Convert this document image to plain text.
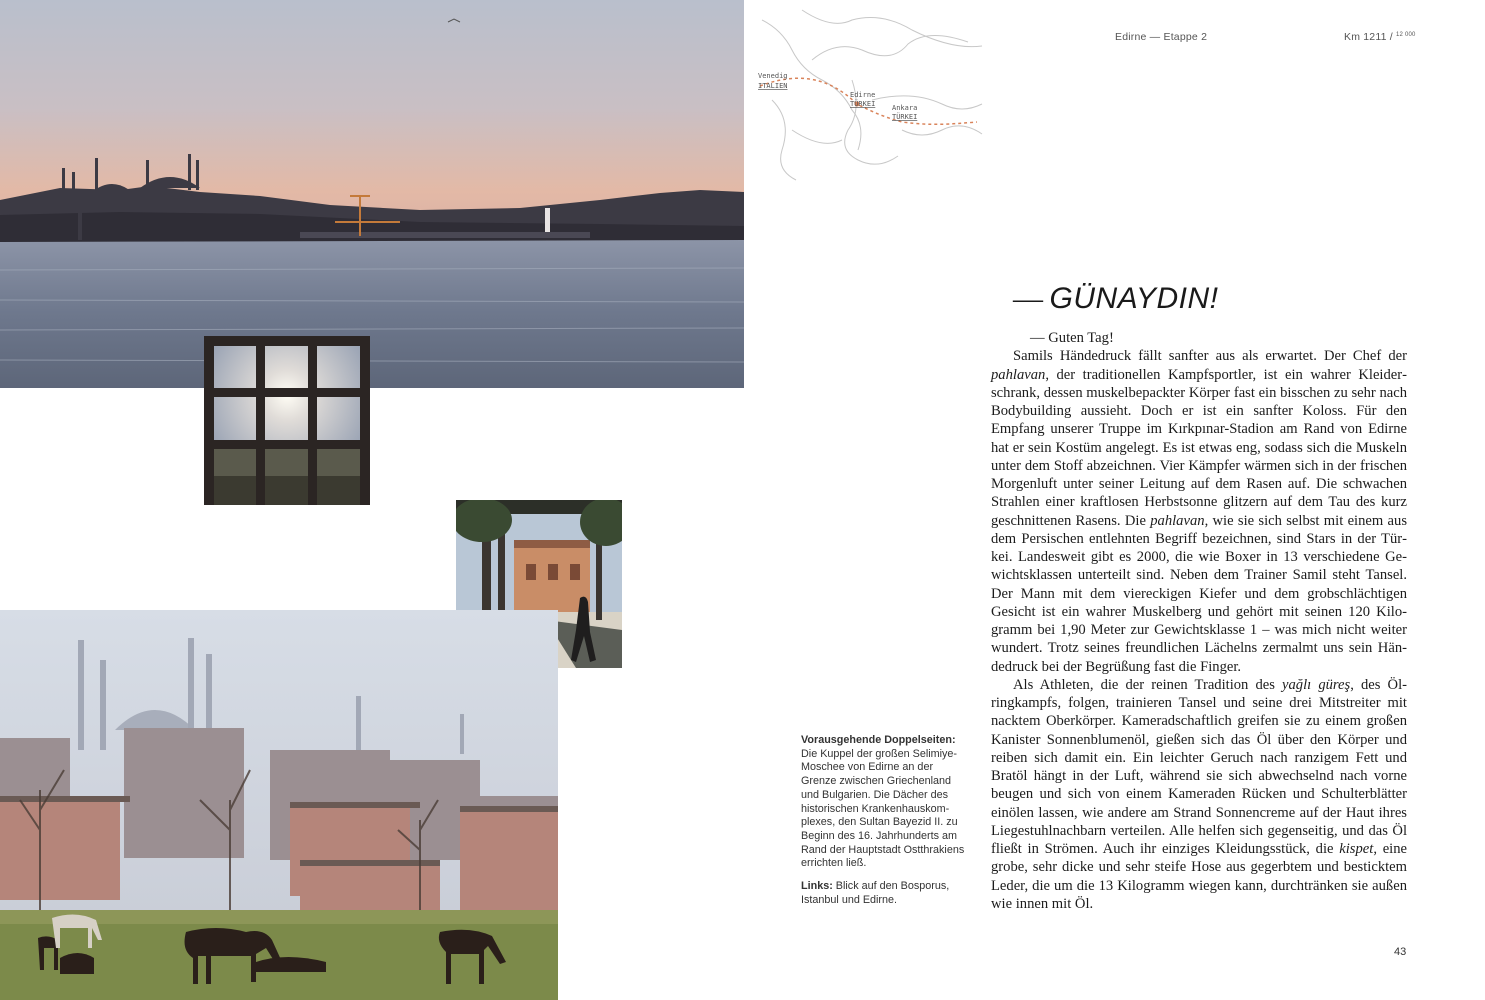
Venedig
ITALIEN
Edirne
TÜRKEI Ankara
TÜRKEI
Edirne — Etappe 2	Km 1211 / $^{12 000}$
— GÜNAYDIN!

— Guten Tag!

Samils Händedruck fällt sanfter aus als erwartet. Der Chef der pahlavan, der traditionellen Kampfsportler, ist ein wahrer Kleiderschrank, dessen muskelbepackter Körper fast ein bisschen zu sehr nach Bodybuilding aussieht. Doch er ist ein sanfter Koloss. Für den Empfang unserer Truppe im Kırkpınar-Stadion am Rand von Edirne hat er sein Kostüm angelegt. Es ist etwas eng, sodass sich die Muskeln unter dem Stoff abzeichnen. Vier Kämpfer wärmen sich in der frischen Morgenluft unter seiner Leitung auf dem Rasen auf. Die schwachen Strahlen einer kraftlosen Herbstsonne glitzern auf dem Tau des kurz geschnittenen Rasens. Die pahlavan, wie sie sich selbst mit einem aus dem Persischen entlehnten Begriff bezeichnen, sind Stars in der Türkei. Landesweit gibt es 2000, die wie Boxer in 13 verschiedene Gewichtsklassen unterteilt sind. Neben dem Trainer Samil steht Tansel. Der Mann mit dem viereckigen Kiefer und dem grobschlächtigen Gesicht ist ein wahrer Muskelberg und gehört mit seinen 120 Kilogramm bei 1,90 Meter zur Gewichtsklasse 1 – was mich nicht weiter wundert. Trotz seines freundlichen Lächelns zermalmt uns sein Händedruck bei der Begrüßung fast die Finger.

Als Athleten, die der reinen Tradition des yağlı güreş, des Ölringkampfs, folgen, trainieren Tansel und seine drei Mitstreiter mit nacktem Oberkörper. Kameradschaftlich greifen sie zu einem großen Kanister Sonnenblumenöl, gießen sich das Öl über den Körper und reiben sich damit ein. Ein leichter Geruch nach ranzigem Fett und Bratöl hängt in der Luft, während sie sich abwechselnd nach vorne beugen und sich von einem Kameraden Rücken und Schulterblätter einölen lassen, wie andere am Strand Sonnencreme auf der Haut ihres Liegestuhlnachbarn verteilen. Alle helfen sich gegenseitig, und das Öl fließt in Strömen. Auch ihr einziges Kleidungsstück, die kispet, eine grobe, sehr dicke und sehr steife Hose aus gegerbtem und besticktem Leder, die um die 13 Kilogramm wiegen kann, durchtränken sie außen wie innen mit Öl.

Vorausgehende Doppelseiten: Die Kuppel der großen Selimiye-Moschee von Edirne an der Grenze zwischen Griechenland und Bulgarien. Die Dächer des historischen Krankenhauskomplexes, den Sultan Bayezid II. zu Beginn des 16. Jahrhunderts am Rand der Hauptstadt Ostthrakiens errichten ließ.

Links: Blick auf den Bosporus, Istanbul und Edirne.

43
